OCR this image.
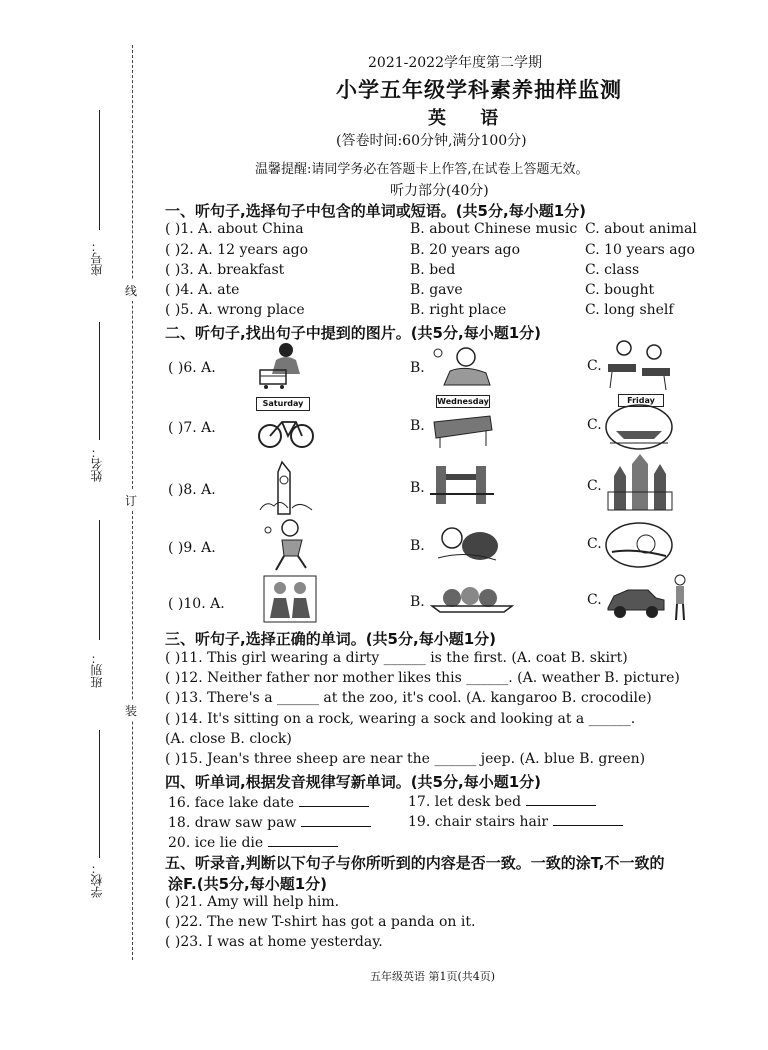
座号：
姓名：
班别：
学校：
线
订
装
2021-2022学年度第二学期
小学五年级学科素养抽样监测
英 语
(答卷时间:60分钟,满分100分)
温馨提醒:请同学务必在答题卡上作答,在试卷上答题无效。
听力部分(40分)
一、听句子,选择句子中包含的单词或短语。(共5分,每小题1分)
( )1. A. about China	B. about Chinese music C. about animal
( )2. A. 12 years ago	B. 20 years ago	C. 10 years ago
( )3. A. breakfast	B. bed	C. class
( )4. A. ate	B. gave	C. bought
( )5. A. wrong place	B. right place	C. long shelf
二、听句子,找出句子中提到的图片。(共5分,每小题1分)
( )6. A.	B.	C.
( )7. A.	B.	C.
Saturday	Wednesday	Friday
( )8. A.	B.	C.
( )9. A.	B.	C.
( )10. A.	B.	C.
三、听句子,选择正确的单词。(共5分,每小题1分)
( )11. This girl wearing a dirty ______ is the first. (A. coat B. skirt)
( )12. Neither father nor mother likes this ______. (A. weather B. picture)
( )13. There's a ______ at the zoo, it's cool. (A. kangaroo B. crocodile)
( )14. It's sitting on a rock, wearing a sock and looking at a ______.
(A. close B. clock)
( )15. Jean's three sheep are near the ______ jeep. (A. blue B. green)
四、听单词,根据发音规律写新单词。(共5分,每小题1分)
16. face lake date	17. let desk bed
18. draw saw paw	19. chair stairs hair
20. ice lie die
五、听录音,判断以下句子与你所听到的内容是否一致。一致的涂T,不一致的
涂F.(共5分,每小题1分)
( )21. Amy will help him.
( )22. The new T-shirt has got a panda on it.
( )23. I was at home yesterday.
五年级英语 第1页(共4页)
